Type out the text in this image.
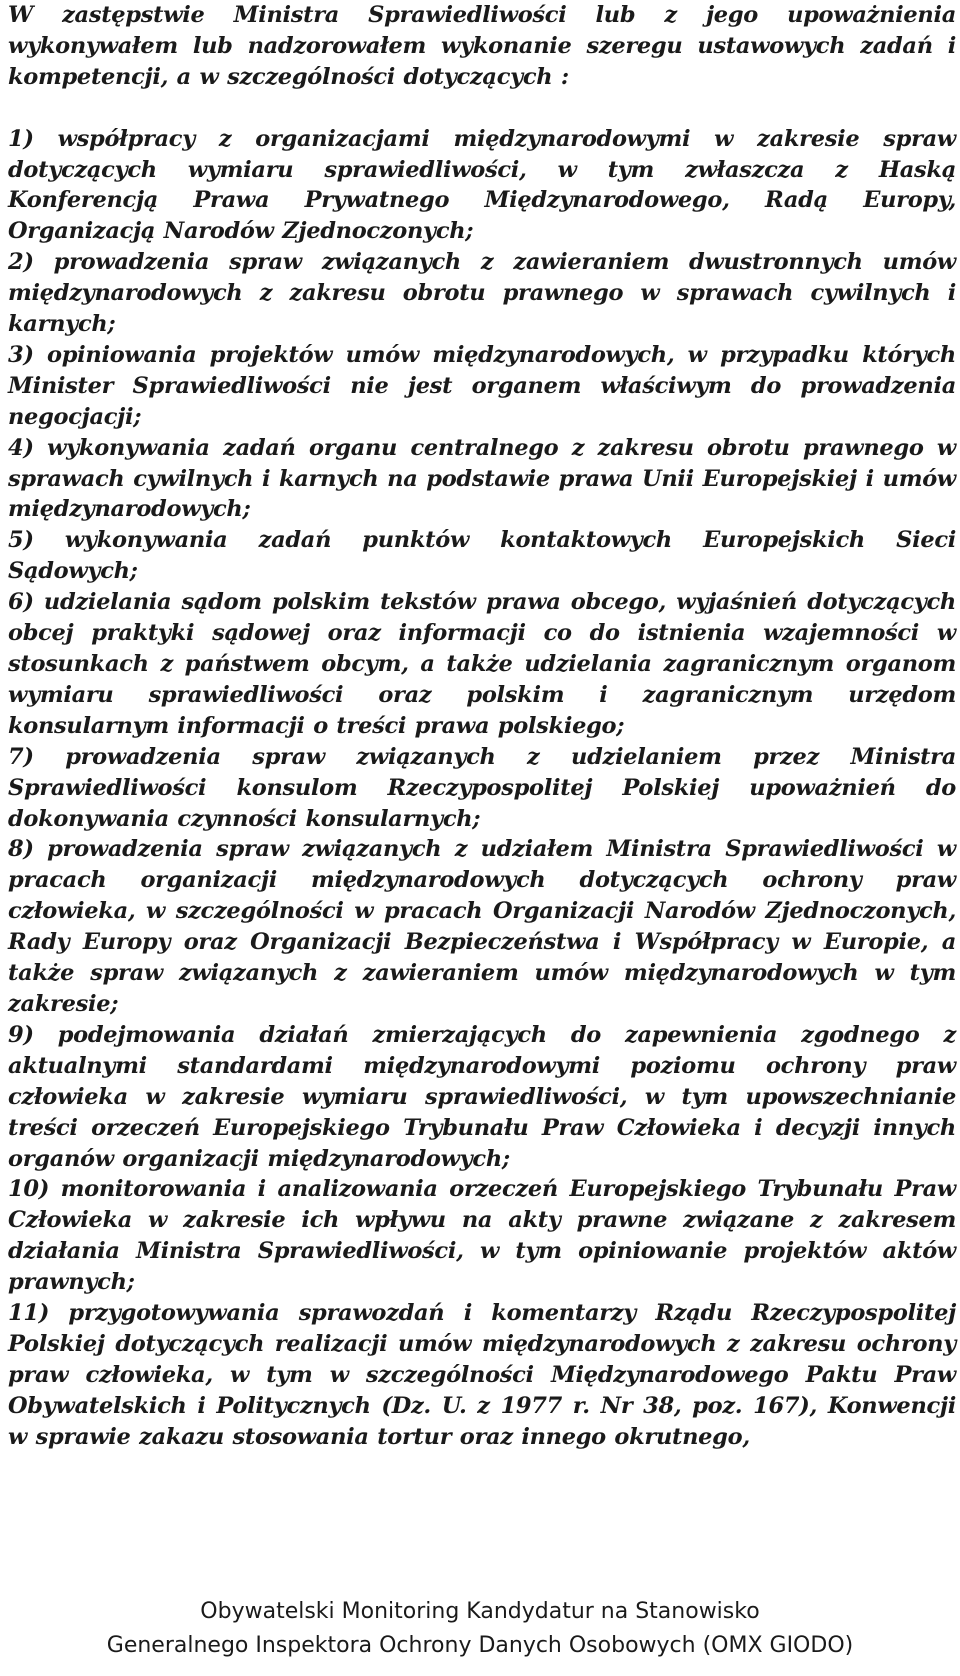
W zastępstwie Ministra Sprawiedliwości lub z jego upoważnienia wykonywałem lub nadzorowałem wykonanie szeregu ustawowych zadań i kompetencji, a w szczególności dotyczących :

1) współpracy z organizacjami międzynarodowymi w zakresie spraw dotyczących wymiaru sprawiedliwości, w tym zwłaszcza z Haską Konferencją Prawa Prywatnego Międzynarodowego, Radą Europy, Organizacją Narodów Zjednoczonych;

2) prowadzenia spraw związanych z zawieraniem dwustronnych umów międzynarodowych z zakresu obrotu prawnego w sprawach cywilnych i karnych;

3) opiniowania projektów umów międzynarodowych, w przypadku których Minister Sprawiedliwości nie jest organem właściwym do prowadzenia negocjacji;

4) wykonywania zadań organu centralnego z zakresu obrotu prawnego w sprawach cywilnych i karnych na podstawie prawa Unii Europejskiej i umów międzynarodowych;

5) wykonywania zadań punktów kontaktowych Europejskich Sieci Sądowych;

6) udzielania sądom polskim tekstów prawa obcego, wyjaśnień dotyczących obcej praktyki sądowej oraz informacji co do istnienia wzajemności w stosunkach z państwem obcym, a także udzielania zagranicznym organom wymiaru sprawiedliwości oraz polskim i zagranicznym urzędom konsularnym informacji o treści prawa polskiego;

7) prowadzenia spraw związanych z udzielaniem przez Ministra Sprawiedliwości konsulom Rzeczypospolitej Polskiej upoważnień do dokonywania czynności konsularnych;

8) prowadzenia spraw związanych z udziałem Ministra Sprawiedliwości w pracach organizacji międzynarodowych dotyczących ochrony praw człowieka, w szczególności w pracach Organizacji Narodów Zjednoczonych, Rady Europy oraz Organizacji Bezpieczeństwa i Współpracy w Europie, a także spraw związanych z zawieraniem umów międzynarodowych w tym zakresie;

9) podejmowania działań zmierzających do zapewnienia zgodnego z aktualnymi standardami międzynarodowymi poziomu ochrony praw człowieka w zakresie wymiaru sprawiedliwości, w tym upowszechnianie treści orzeczeń Europejskiego Trybunału Praw Człowieka i decyzji innych organów organizacji międzynarodowych;

10) monitorowania i analizowania orzeczeń Europejskiego Trybunału Praw Człowieka w zakresie ich wpływu na akty prawne związane z zakresem działania Ministra Sprawiedliwości, w tym opiniowanie projektów aktów prawnych;

11) przygotowywania sprawozdań i komentarzy Rządu Rzeczypospolitej Polskiej dotyczących realizacji umów międzynarodowych z zakresu ochrony praw człowieka, w tym w szczególności Międzynarodowego Paktu Praw Obywatelskich i Politycznych (Dz. U. z 1977 r. Nr 38, poz. 167), Konwencji w sprawie zakazu stosowania tortur oraz innego okrutnego,

Obywatelski Monitoring Kandydatur na Stanowisko
Generalnego Inspektora Ochrony Danych Osobowych (OMX GIODO)
